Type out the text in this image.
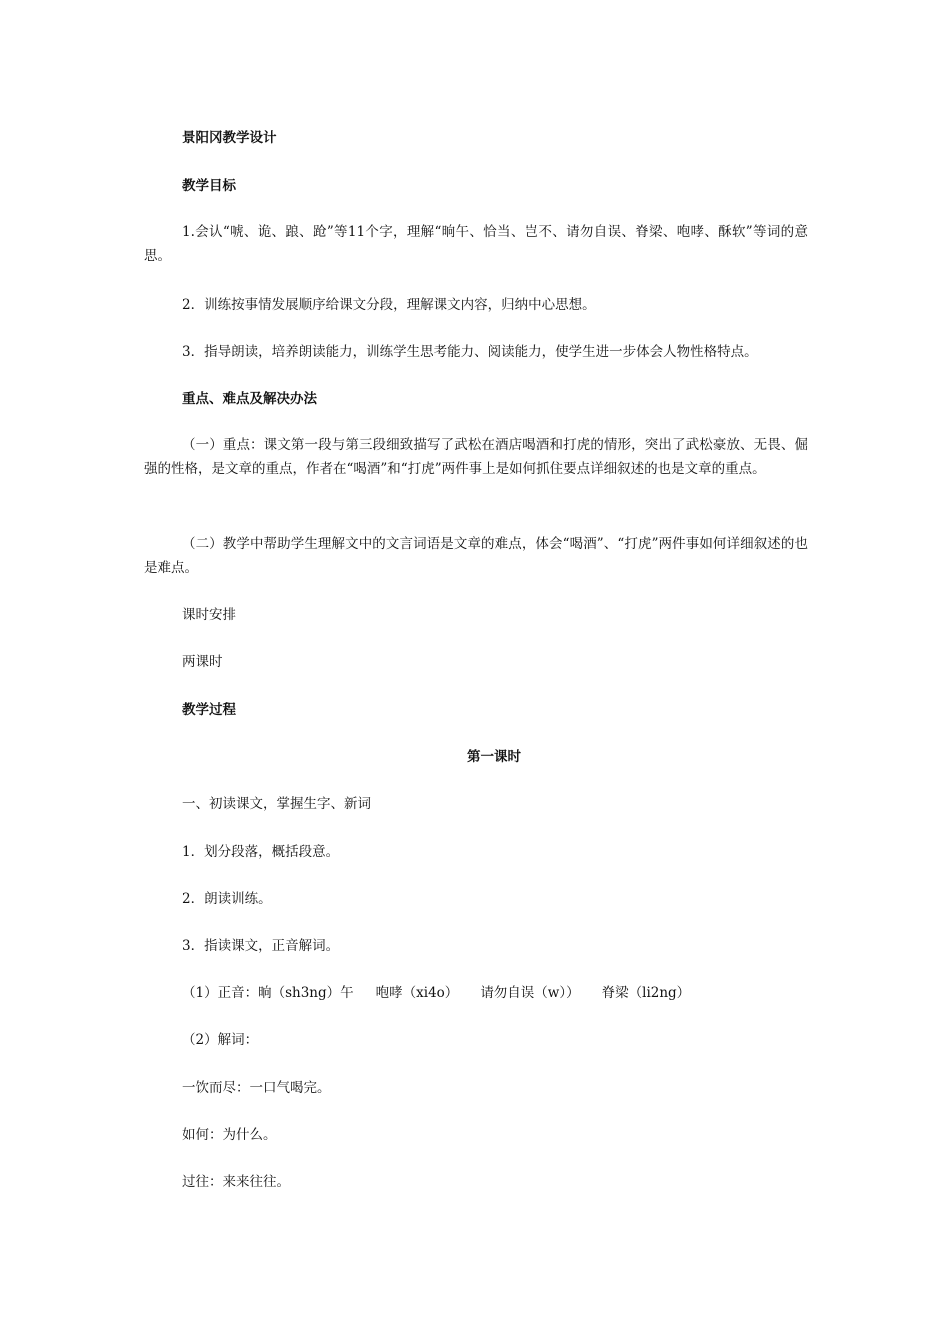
景阳冈教学设计
教学目标
1.会认“唬、诡、踉、跄”等11个字，理解“晌午、恰当、岂不、请勿自误、脊梁、咆哮、酥软”等词的意思。
2．训练按事情发展顺序给课文分段，理解课文内容，归纳中心思想。
3．指导朗读，培养朗读能力，训练学生思考能力、阅读能力，使学生进一步体会人物性格特点。
重点、难点及解决办法
（一）重点：课文第一段与第三段细致描写了武松在酒店喝酒和打虎的情形，突出了武松豪放、无畏、倔强的性格，是文章的重点，作者在“喝酒”和“打虎”两件事上是如何抓住要点详细叙述的也是文章的重点。
（二）教学中帮助学生理解文中的文言词语是文章的难点，体会“喝酒”、“打虎”两件事如何详细叙述的也是难点。
课时安排
两课时
教学过程
第一课时
一、初读课文，掌握生字、新词
1．划分段落，概括段意。
2．朗读训练。
3．指读课文，正音解词。
（1）正音：晌（sh3ng）午 咆哮（xi4o） 请勿自误（w）） 脊梁（li2ng）
（2）解词：
一饮而尽：一口气喝完。
如何：为什么。
过往：来来往往。
